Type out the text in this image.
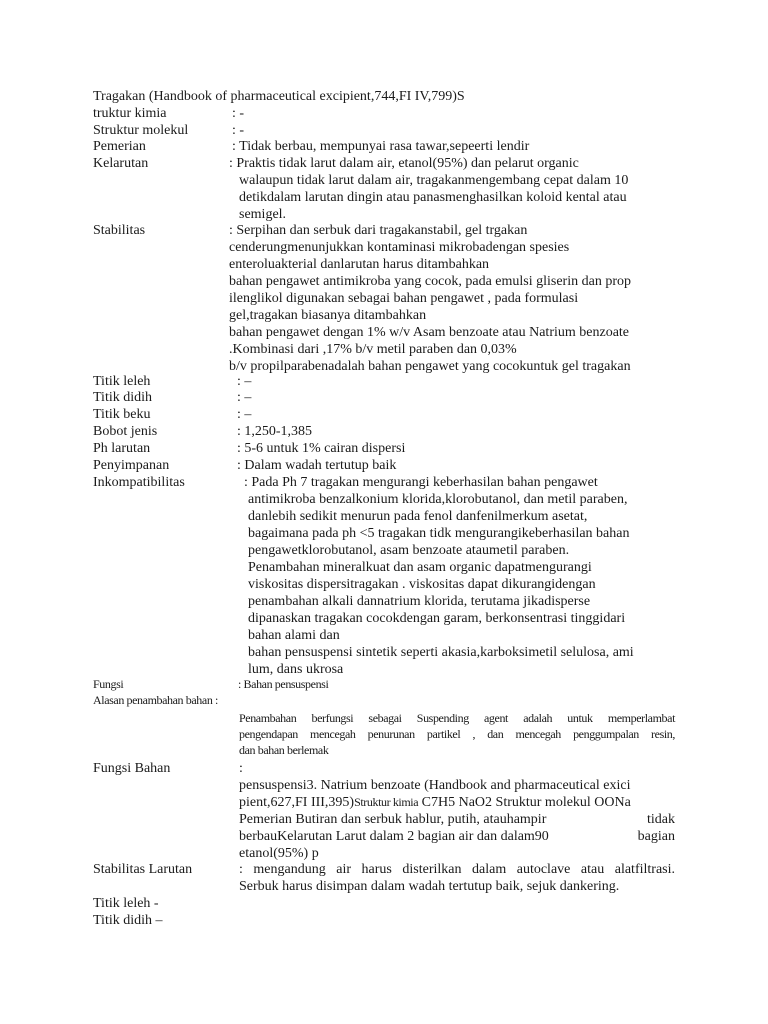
Tragakan (Handbook of pharmaceutical excipient,744,FI IV,799)S
truktur kimia	: -
Struktur molekul	: -
Pemerian	: Tidak berbau, mempunyai rasa tawar,sepeerti lendir
Kelarutan	: Praktis tidak larut dalam air, etanol(95%) dan pelarut organic
walaupun tidak larut dalam air, tragakanmengembang cepat dalam 10
detikdalam larutan dingin atau panasmenghasilkan koloid kental atau
semigel.
Stabilitas	: Serpihan dan serbuk dari tragakanstabil, gel trgakan
cenderungmenunjukkan kontaminasi mikrobadengan spesies
enteroluakterial danlarutan harus ditambahkan
bahan pengawet antimikroba yang cocok, pada emulsi gliserin dan prop
ilenglikol digunakan sebagai bahan pengawet , pada formulasi
gel,tragakan biasanya ditambahkan
bahan pengawet dengan 1% w/v Asam benzoate atau Natrium benzoate
.Kombinasi dari ,17% b/v metil paraben dan 0,03%
b/v propilparabenadalah bahan pengawet yang cocokuntuk gel tragakan
Titik leleh	: –
Titik didih	: –
Titik beku	: –
Bobot jenis	: 1,250-1,385
Ph larutan	: 5-6 untuk 1% cairan dispersi
Penyimpanan	: Dalam wadah tertutup baik
Inkompatibilitas	: Pada Ph 7 tragakan mengurangi keberhasilan bahan pengawet
antimikroba benzalkonium klorida,klorobutanol, dan metil paraben,
danlebih sedikit menurun pada fenol danfenilmerkum asetat,
bagaimana pada ph <5 tragakan tidk mengurangikeberhasilan bahan
pengawetklorobutanol, asam benzoate ataumetil paraben.
Penambahan mineralkuat dan asam organic dapatmengurangi
viskositas dispersitragakan . viskositas dapat dikurangidengan
penambahan alkali dannatrium klorida, terutama jikadisperse
dipanaskan tragakan cocokdengan garam, berkonsentrasi tinggidari
bahan alami dan
bahan pensuspensi sintetik seperti akasia,karboksimetil selulosa, ami
lum, dans ukrosa
Fungsi	: Bahan pensuspensi
Alasan penambahan bahan :
Penambahan berfungsi sebagai Suspending agent adalah untuk memperlambat
pengendapan mencegah penurunan partikel , dan mencegah penggumpalan resin,
dan bahan berlemak
Fungsi Bahan	:
pensuspensi3. Natrium benzoate (Handbook and pharmaceutical exici
pient,627,FI III,395)Struktur kimia C7H5 NaO2 Struktur molekul OONa
Pemerian Butiran dan serbuk hablur, putih, atauhampir	tidak
berbauKelarutan Larut dalam 2 bagian air dan dalam90	bagian
etanol(95%) p
Stabilitas Larutan	: mengandung air harus disterilkan dalam autoclave atau alatfiltrasi.
Serbuk harus disimpan dalam wadah tertutup baik, sejuk dankering.
Titik leleh -
Titik didih –
